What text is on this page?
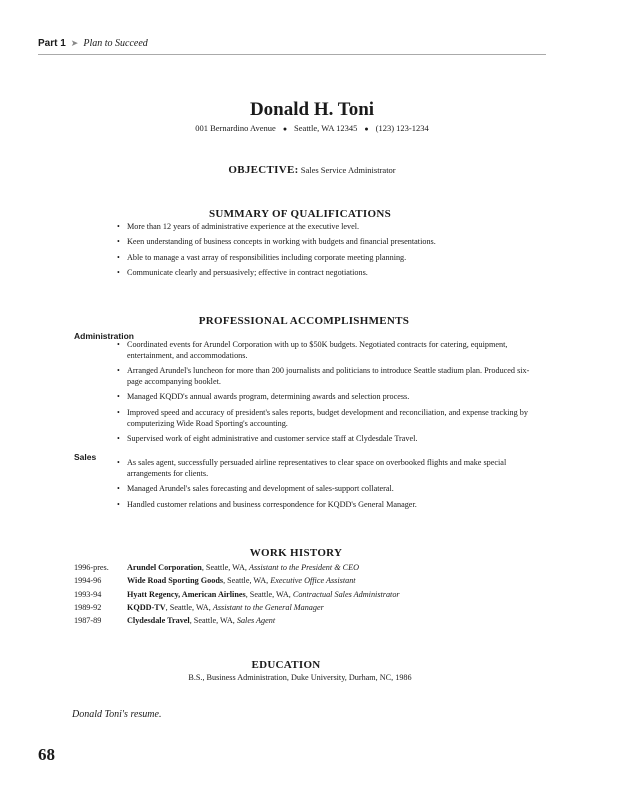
Part 1 ➤ Plan to Succeed
Donald H. Toni
001 Bernardino Avenue ● Seattle, WA 12345 ● (123) 123-1234
OBJECTIVE: Sales Service Administrator
SUMMARY OF QUALIFICATIONS
• More than 12 years of administrative experience at the executive level.
• Keen understanding of business concepts in working with budgets and financial presentations.
• Able to manage a vast array of responsibilities including corporate meeting planning.
• Communicate clearly and persuasively; effective in contract negotiations.
PROFESSIONAL ACCOMPLISHMENTS
Administration
• Coordinated events for Arundel Corporation with up to $50K budgets. Negotiated contracts for catering, equipment, entertainment, and accommodations.
• Arranged Arundel's luncheon for more than 200 journalists and politicians to introduce Seattle stadium plan. Produced six-page accompanying booklet.
• Managed KQDD's annual awards program, determining awards and selection process.
• Improved speed and accuracy of president's sales reports, budget development and reconciliation, and expense tracking by computerizing Wide Road Sporting's accounting.
• Supervised work of eight administrative and customer service staff at Clydesdale Travel.
Sales
• As sales agent, successfully persuaded airline representatives to clear space on overbooked flights and make special arrangements for clients.
• Managed Arundel's sales forecasting and development of sales-support collateral.
• Handled customer relations and business correspondence for KQDD's General Manager.
WORK HISTORY
1996-pres. Arundel Corporation, Seattle, WA, Assistant to the President & CEO
1994-96	Wide Road Sporting Goods, Seattle, WA, Executive Office Assistant
1993-94	Hyatt Regency, American Airlines, Seattle, WA, Contractual Sales Administrator
1989-92	KQDD-TV, Seattle, WA, Assistant to the General Manager
1987-89	Clydesdale Travel, Seattle, WA, Sales Agent
EDUCATION
B.S., Business Administration, Duke University, Durham, NC, 1986
Donald Toni's resume.
68
